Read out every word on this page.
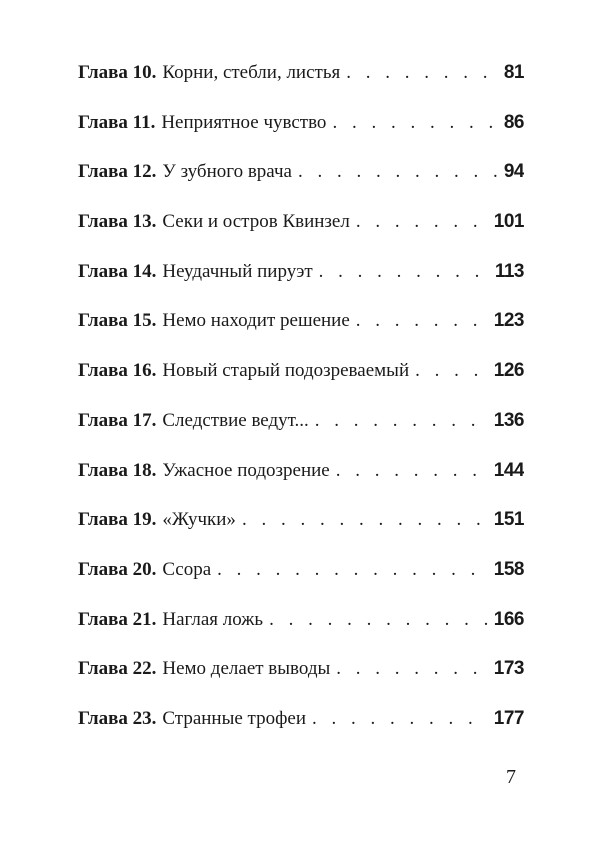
Глава 10. Корни, стебли, листья . . .	81
Глава 11. Неприятное чувство . . .	86
Глава 12. У зубного врача . . .	94
Глава 13. Секи и остров Квинзел . . .	101
Глава 14. Неудачный пируэт . . .	113
Глава 15. Немо находит решение . . .	123
Глава 16. Новый старый подозреваемый . . .	126
Глава 17. Следствие ведут... . . .	136
Глава 18. Ужасное подозрение . . .	144
Глава 19. «Жучки» . . .	151
Глава 20. Ссора . . .	158
Глава 21. Наглая ложь . . .	166
Глава 22. Немо делает выводы . . .	173
Глава 23. Странные трофеи . . .	177
7
